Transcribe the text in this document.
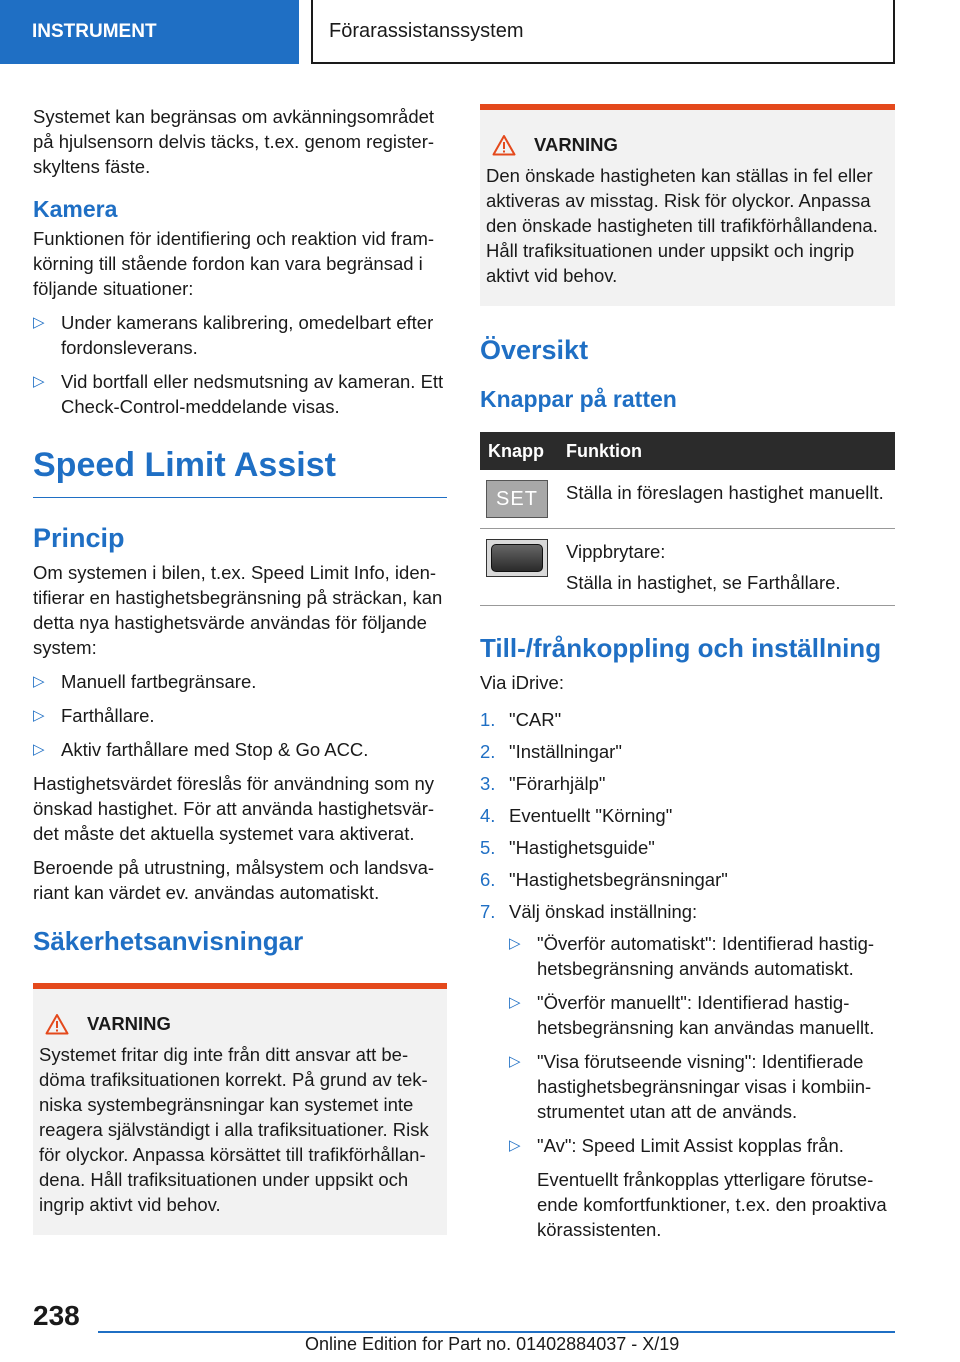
INSTRUMENT	Förarassistanssystem

Systemet kan begränsas om avkänningsområdet på hjulsensorn delvis täcks, t.ex. genom registerskyltens fäste.

Kamera

Funktionen för identifiering och reaktion vid framkörning till stående fordon kan vara begränsad i följande situationer:

▷ Under kamerans kalibrering, omedelbart efter fordonsleverans.
▷ Vid bortfall eller nedsmutsning av kameran. Ett Check-Control-meddelande visas.
Speed Limit Assist
Princip

Om systemen i bilen, t.ex. Speed Limit Info, identifierar en hastighetsbegränsning på sträckan, kan detta nya hastighetsvärde användas för följande system:

▷ Manuell fartbegränsare.
▷ Farthållare.
▷ Aktiv farthållare med Stop & Go ACC.

Hastighetsvärdet föreslås för användning som ny önskad hastighet. För att använda hastighetsvärdet måste det aktuella systemet vara aktiverat.

Beroende på utrustning, målsystem och landsvariant kan värdet ev. användas automatiskt.

Säkerhetsanvisningar
VARNING
Systemet fritar dig inte från ditt ansvar att bedöma trafiksituationen korrekt. På grund av tekniska systembegränsningar kan systemet inte reagera självständigt i alla trafiksituationer. Risk för olyckor. Anpassa körsättet till trafikförhållandena. Håll trafiksituationen under uppsikt och ingrip aktivt vid behov.
VARNING
Den önskade hastigheten kan ställas in fel eller aktiveras av misstag. Risk för olyckor. Anpassa den önskade hastigheten till trafikförhållandena. Håll trafiksituationen under uppsikt och ingrip aktivt vid behov.
Översikt
Knappar på ratten
Knapp	Funktion

SET	Ställa in föreslagen hastighet manuellt.

	Vippbrytare:
Ställa in hastighet, se Farthållare.
Till-/frånkoppling och inställning

Via iDrive:

1. "CAR"
2. "Inställningar"
3. "Förarhjälp"
4. Eventuellt "Körning"
5. "Hastighetsguide"
6. "Hastighetsbegränsningar"
7. Välj önskad inställning:
▷ "Överför automatiskt": Identifierad hastighetsbegränsning används automatiskt.
▷ "Överför manuellt": Identifierad hastighetsbegränsning kan användas manuellt.
▷ "Visa förutseende visning": Identifierade hastighetsbegränsningar visas i kombiinstrumentet utan att de används.
▷ "Av": Speed Limit Assist kopplas från.
Eventuellt frånkopplas ytterligare förutseende komfortfunktioner, t.ex. den proaktiva körassistenten.
238
Online Edition for Part no. 01402884037 - X/19
